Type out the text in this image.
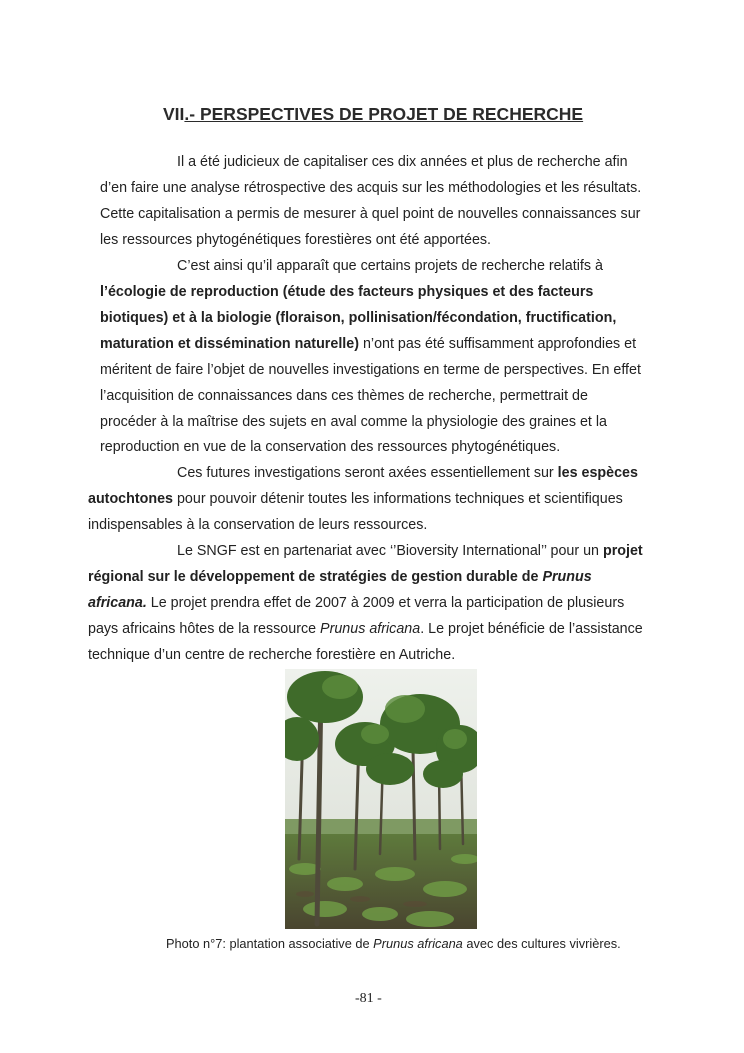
VII.- PERSPECTIVES DE PROJET DE RECHERCHE
Il a été judicieux de capitaliser ces dix années et plus de recherche afin
d’en faire une analyse rétrospective des acquis sur les méthodologies et les résultats.
Cette capitalisation a permis de mesurer à quel point de nouvelles connaissances sur
les ressources phytogénétiques forestières ont été apportées.
C’est ainsi qu’il apparaît que certains projets de recherche relatifs à
l’écologie de reproduction (étude des facteurs physiques et des facteurs
biotiques) et à la biologie (floraison, pollinisation/fécondation, fructification,
maturation et dissémination naturelle) n’ont pas été suffisamment approfondies et
méritent de faire l’objet de nouvelles investigations en terme de perspectives. En effet
l’acquisition de connaissances dans ces thèmes de recherche, permettrait de
procéder à la maîtrise des sujets en aval comme la physiologie des graines et la
reproduction en vue de la conservation des ressources phytogénétiques.
Ces futures investigations seront axées essentiellement sur les espèces
autochtones pour pouvoir détenir toutes les informations techniques et scientifiques
indispensables à la conservation de leurs ressources.
Le SNGF est en partenariat avec ‘’Bioversity International’’ pour un projet
régional sur le développement de stratégies de gestion durable de Prunus
africana. Le projet prendra effet de 2007 à 2009 et verra la participation de plusieurs
pays africains hôtes de la ressource Prunus africana. Le projet bénéficie de l’assistance
technique d’un centre de recherche forestière en Autriche.
Photo n°7: plantation associative de Prunus africana avec des cultures vivrières.
-81 -
